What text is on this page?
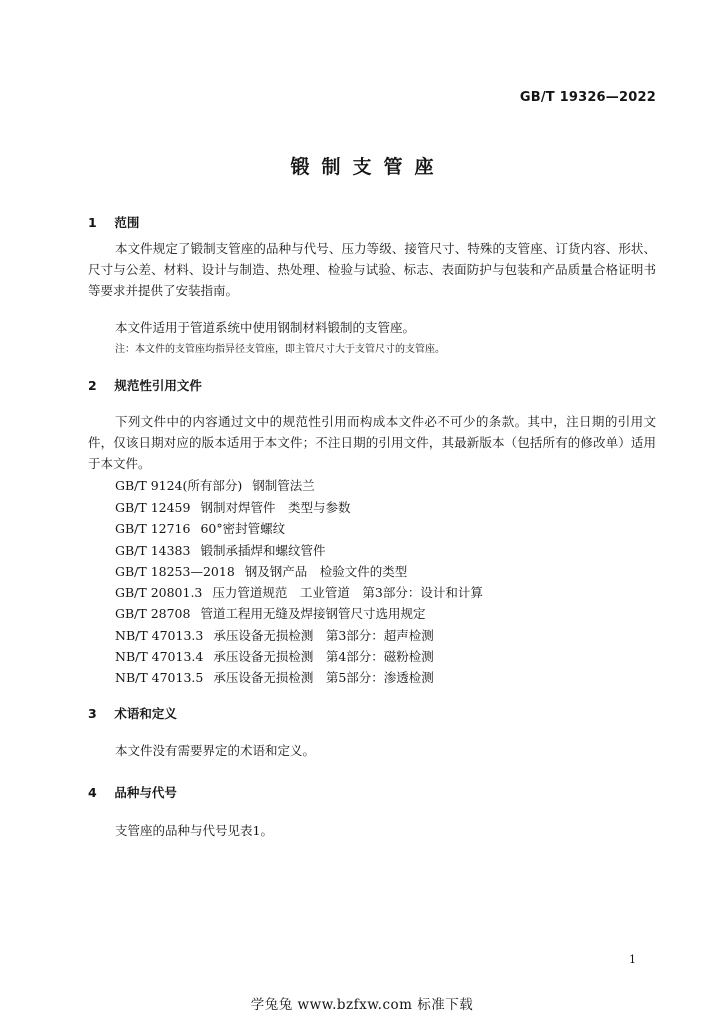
GB/T 19326—2022
锻制支管座
1 范围
本文件规定了锻制支管座的品种与代号、压力等级、接管尺寸、特殊的支管座、订货内容、形状、尺寸与公差、材料、设计与制造、热处理、检验与试验、标志、表面防护与包装和产品质量合格证明书等要求并提供了安装指南。
本文件适用于管道系统中使用钢制材料锻制的支管座。
注：本文件的支管座均指异径支管座，即主管尺寸大于支管尺寸的支管座。
2 规范性引用文件
下列文件中的内容通过文中的规范性引用而构成本文件必不可少的条款。其中，注日期的引用文件，仅该日期对应的版本适用于本文件；不注日期的引用文件，其最新版本（包括所有的修改单）适用于本文件。
GB/T 9124(所有部分) 钢制管法兰
GB/T 12459 钢制对焊管件　类型与参数
GB/T 12716 60°密封管螺纹
GB/T 14383 锻制承插焊和螺纹管件
GB/T 18253—2018 钢及钢产品　检验文件的类型
GB/T 20801.3 压力管道规范　工业管道　第3部分：设计和计算
GB/T 28708 管道工程用无缝及焊接钢管尺寸选用规定
NB/T 47013.3 承压设备无损检测　第3部分：超声检测
NB/T 47013.4 承压设备无损检测　第4部分：磁粉检测
NB/T 47013.5 承压设备无损检测　第5部分：渗透检测
3 术语和定义
本文件没有需要界定的术语和定义。
4 品种与代号
支管座的品种与代号见表1。
1
学兔兔 www.bzfxw.com 标准下载
